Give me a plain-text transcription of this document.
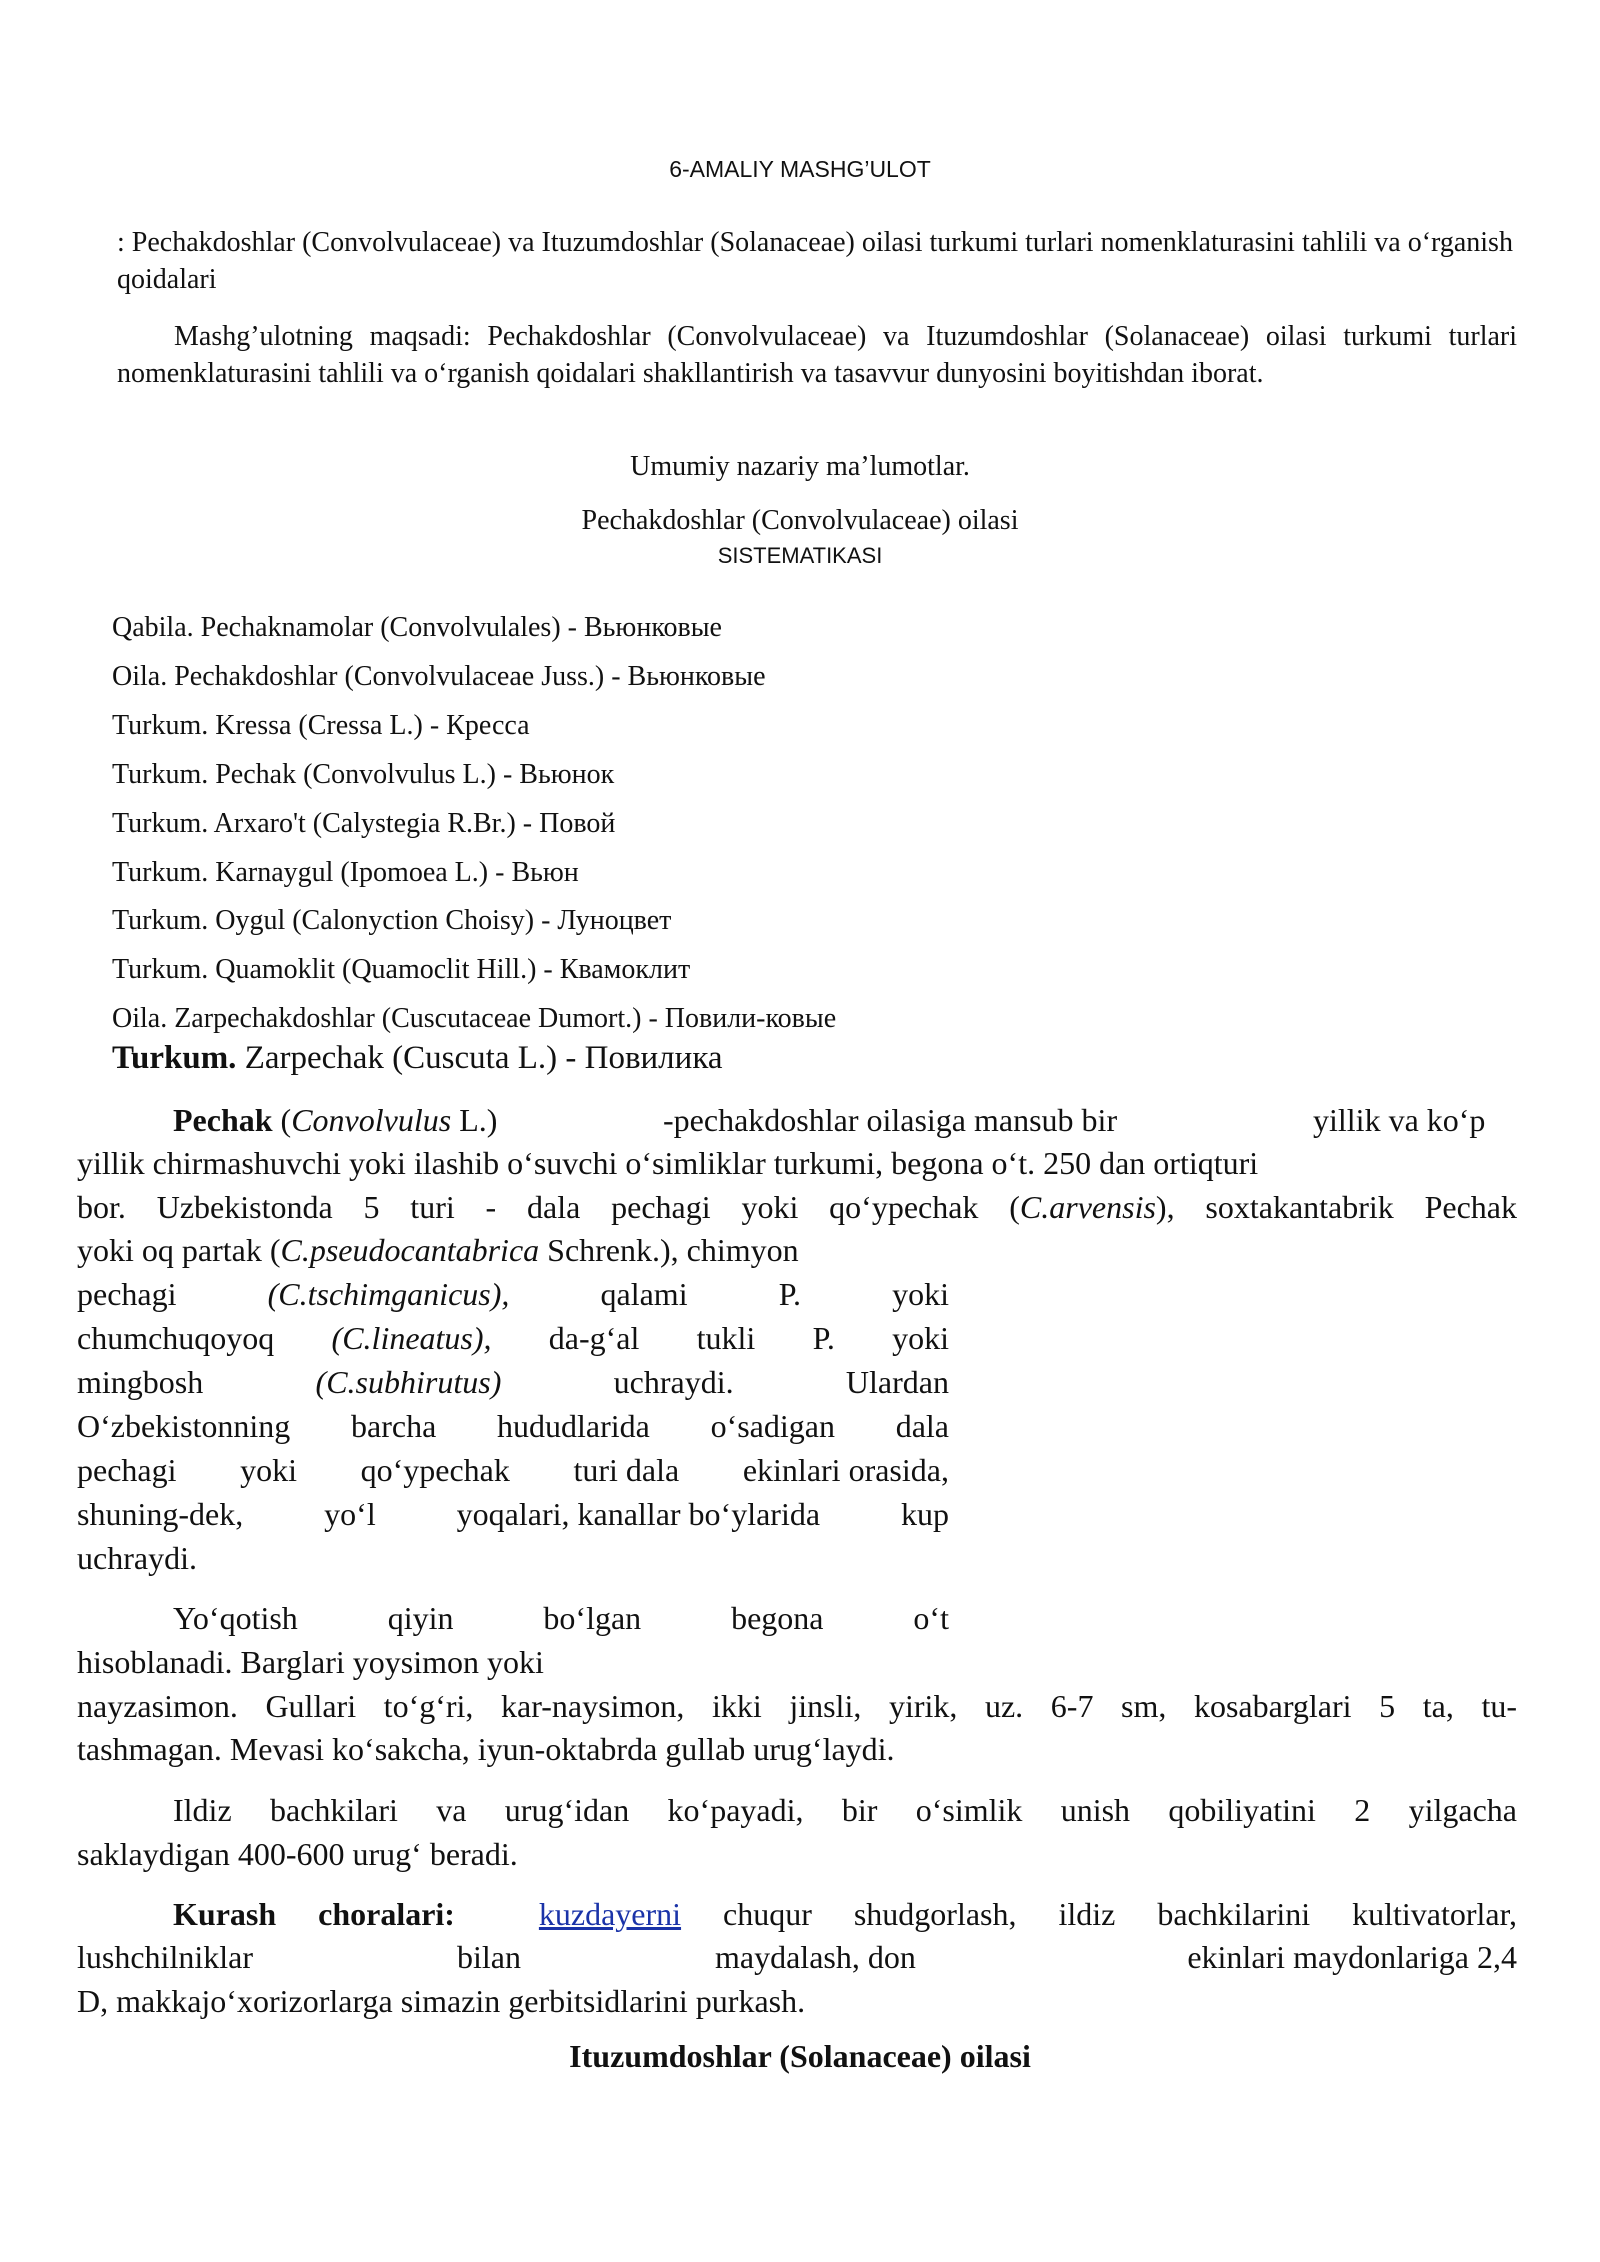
6-AMALIY MASHG’ULOT
: Pechakdoshlar (Convolvulaceae) va Ituzumdoshlar (Solanaceae) oilasi turkumi turlari nomenklaturasini tahlili va o‘rganish qoidalari
Mashg’ulotning maqsadi: Pechakdoshlar (Convolvulaceae) va Ituzumdoshlar (Solanaceae) oilasi turkumi turlari nomenklaturasini tahlili va o‘rganish qoidalari shakllantirish va tasavvur dunyosini boyitishdan iborat.
Umumiy nazariy ma’lumotlar.
Pechakdoshlar (Convolvulaceae) oilasi
SISTEMATIKASI
Qabila. Pechaknamolar (Convolvulales) - Вьюнковые
Oila. Pechakdoshlar (Convolvulaceae Juss.) - Вьюнковые
Turkum. Kressa (Cressa L.) - Кресса
Turkum. Pechak (Convolvulus L.) - Вьюнок
Turkum. Arxaro't (Calystegia R.Br.) - Повой
Turkum. Karnaygul (Ipomoea L.) - Вьюн
Turkum. Oygul (Calonyction Choisy) - Луноцвет
Turkum. Quamoklit (Quamoclit Hill.) - Квамоклит
Oila. Zarpechakdoshlar (Cuscutaceae Dumort.) - Повили-ковые
Turkum. Zarpechak (Cuscuta L.) - Повилика
Pechak (Convolvulus L.)	-pechakdoshlar oilasiga mansub bir	yillik va ko‘p
yillik chirmashuvchi yoki ilashib o‘suvchi o‘simliklar turkumi, begona o‘t. 250 dan ortiqturi
bor. Uzbekistonda 5 turi - dala pechagi yoki qo‘ypechak (C.arvensis), soxtakantabrik Pechak
yoki oq partak (C.pseudocantabrica Schrenk.), chimyon
pechagi	(C.tschimganicus),	qalami	P.	yoki
chumchuqoyoq (C.lineatus), da-g‘al tukli P. yoki
mingbosh	(C.subhirutus)	uchraydi.	Ulardan
O‘zbekistonning barcha hududlarida o‘sadigan dala
pechagi yoki qo‘ypechak turi dala ekinlari orasida,
shuning-dek,	yo‘l	yoqalari, kanallar bo‘ylarida	kup
uchraydi.
Yo‘qotish	qiyin	bo‘lgan	begona	o‘t
hisoblanadi. Barglari yoysimon yoki
nayzasimon. Gullari to‘g‘ri, kar-naysimon, ikki jinsli, yirik, uz. 6-7 sm, kosabarglari 5 ta, tu-
tashmagan. Mevasi ko‘sakcha, iyun-oktabrda gullab urug‘laydi.
Ildiz bachkilari va urug‘idan ko‘payadi, bir o‘simlik unish qobiliyatini 2 yilgacha
saklaydigan 400-600 urug‘ beradi.
Kurash choralari:	kuzdayerni chuqur shudgorlash, ildiz bachkilarini kultivatorlar,
lushchilniklar	bilan	maydalash, don	ekinlari maydonlariga 2,4
D, makkajo‘xorizorlarga simazin gerbitsidlarini purkash.
Ituzumdoshlar (Solanaceae) oilasi
